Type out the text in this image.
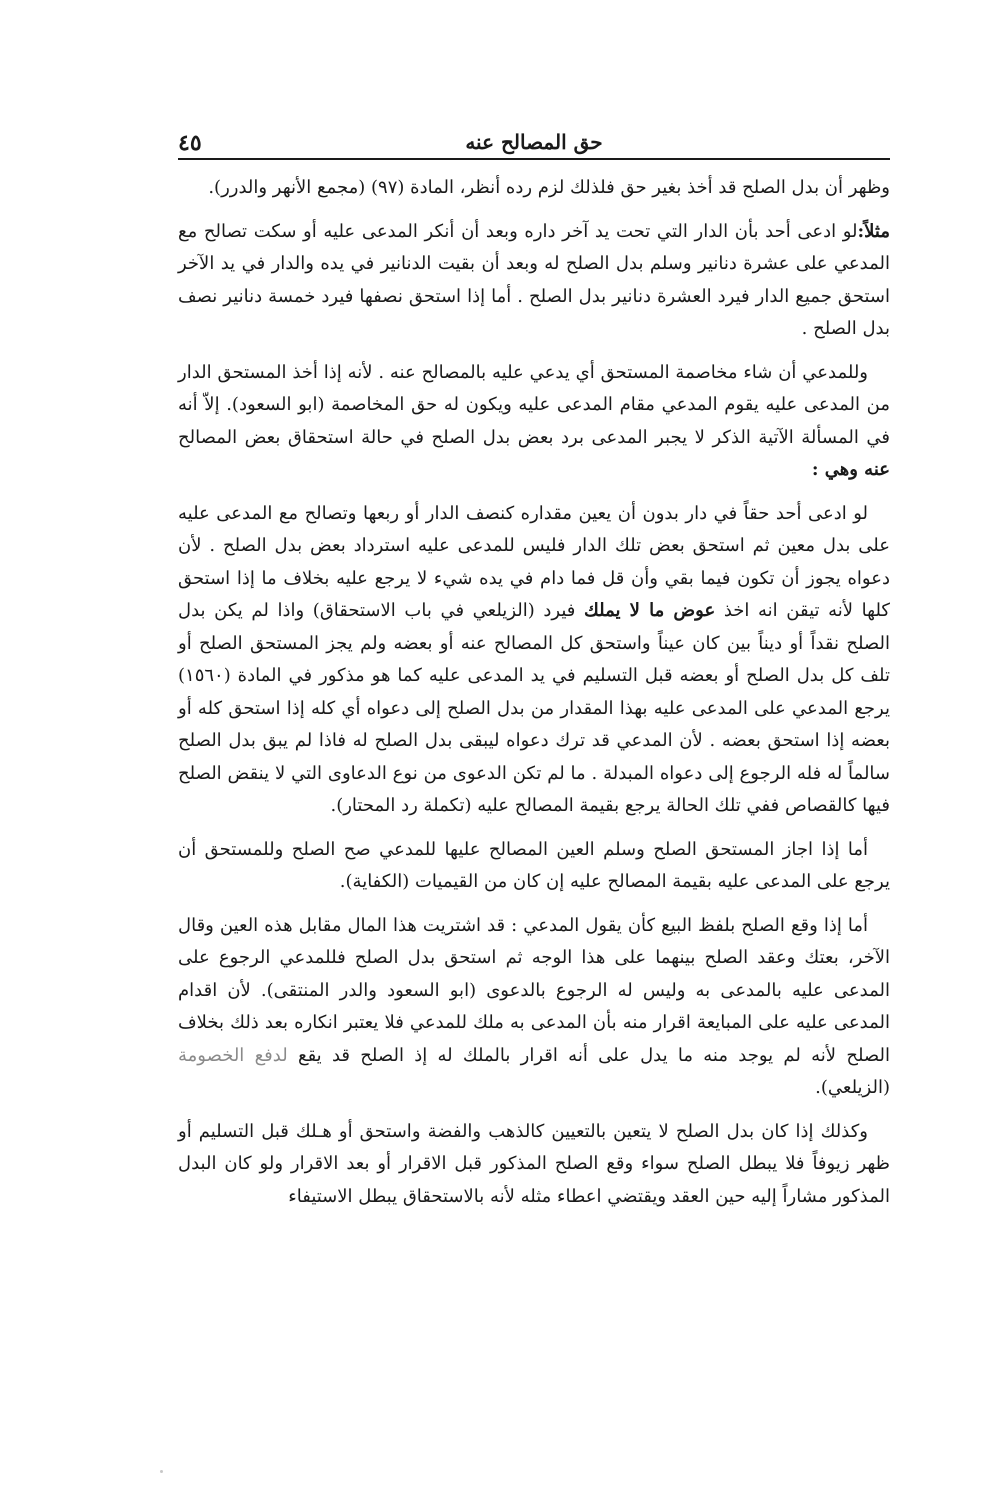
٤٥	حق المصالح عنه

وظهر أن بدل الصلح قد أخذ بغير حق فلذلك لزم رده أنظر، المادة (٩٧) (مجمع الأنهر والدرر).

مثلاً:لو ادعى أحد بأن الدار التي تحت يد آخر داره وبعد أن أنكر المدعى عليه أو سكت تصالح مع المدعي على عشرة دنانير وسلم بدل الصلح له وبعد أن بقيت الدنانير في يده والدار في يد الآخر استحق جميع الدار فيرد العشرة دنانير بدل الصلح . أما إذا استحق نصفها فيرد خمسة دنانير نصف بدل الصلح .

وللمدعي أن شاء مخاصمة المستحق أي يدعي عليه بالمصالح عنه . لأنه إذا أخذ المستحق الدار من المدعى عليه يقوم المدعي مقام المدعى عليه ويكون له حق المخاصمة (ابو السعود). إلاّ أنه في المسألة الآتية الذكر لا يجبر المدعى برد بعض بدل الصلح في حالة استحقاق بعض المصالح عنه وهي :

لو ادعى أحد حقاً في دار بدون أن يعين مقداره كنصف الدار أو ربعها وتصالح مع المدعى عليه على بدل معين ثم استحق بعض تلك الدار فليس للمدعى عليه استرداد بعض بدل الصلح . لأن دعواه يجوز أن تكون فيما بقي وأن قل فما دام في يده شيء لا يرجع عليه بخلاف ما إذا استحق كلها لأنه تيقن انه اخذ عوض ما لا يملك فيرد (الزيلعي في باب الاستحقاق) واذا لم يكن بدل الصلح نقداً أو ديناً بين كان عيناً واستحق كل المصالح عنه أو بعضه ولم يجز المستحق الصلح أو تلف كل بدل الصلح أو بعضه قبل التسليم في يد المدعى عليه كما هو مذكور في المادة (١٥٦٠) يرجع المدعي على المدعى عليه بهذا المقدار من بدل الصلح إلى دعواه أي كله إذا استحق كله أو بعضه إذا استحق بعضه . لأن المدعي قد ترك دعواه ليبقى بدل الصلح له فاذا لم يبق بدل الصلح سالماً له فله الرجوع إلى دعواه المبدلة . ما لم تكن الدعوى من نوع الدعاوى التي لا ينقض الصلح فيها كالقصاص ففي تلك الحالة يرجع بقيمة المصالح عليه (تكملة رد المحتار).

أما إذا اجاز المستحق الصلح وسلم العين المصالح عليها للمدعي صح الصلح وللمستحق أن يرجع على المدعى عليه بقيمة المصالح عليه إن كان من القيميات (الكفاية).

أما إذا وقع الصلح بلفظ البيع كأن يقول المدعي : قد اشتريت هذا المال مقابل هذه العين وقال الآخر، بعتك وعقد الصلح بينهما على هذا الوجه ثم استحق بدل الصلح فللمدعي الرجوع على المدعى عليه بالمدعى به وليس له الرجوع بالدعوى (ابو السعود والدر المنتقى). لأن اقدام المدعى عليه على المبايعة اقرار منه بأن المدعى به ملك للمدعي فلا يعتبر انكاره بعد ذلك بخلاف الصلح لأنه لم يوجد منه ما يدل على أنه اقرار بالملك له إذ الصلح قد يقع لدفع الخصومة (الزيلعي).

وكذلك إذا كان بدل الصلح لا يتعين بالتعيين كالذهب والفضة واستحق أو هـلك قبل التسليم أو ظهر زيوفاً فلا يبطل الصلح سواء وقع الصلح المذكور قبل الاقرار أو بعد الاقرار ولو كان البدل المذكور مشاراً إليه حين العقد ويقتضي اعطاء مثله لأنه بالاستحقاق يبطل الاستيفاء
